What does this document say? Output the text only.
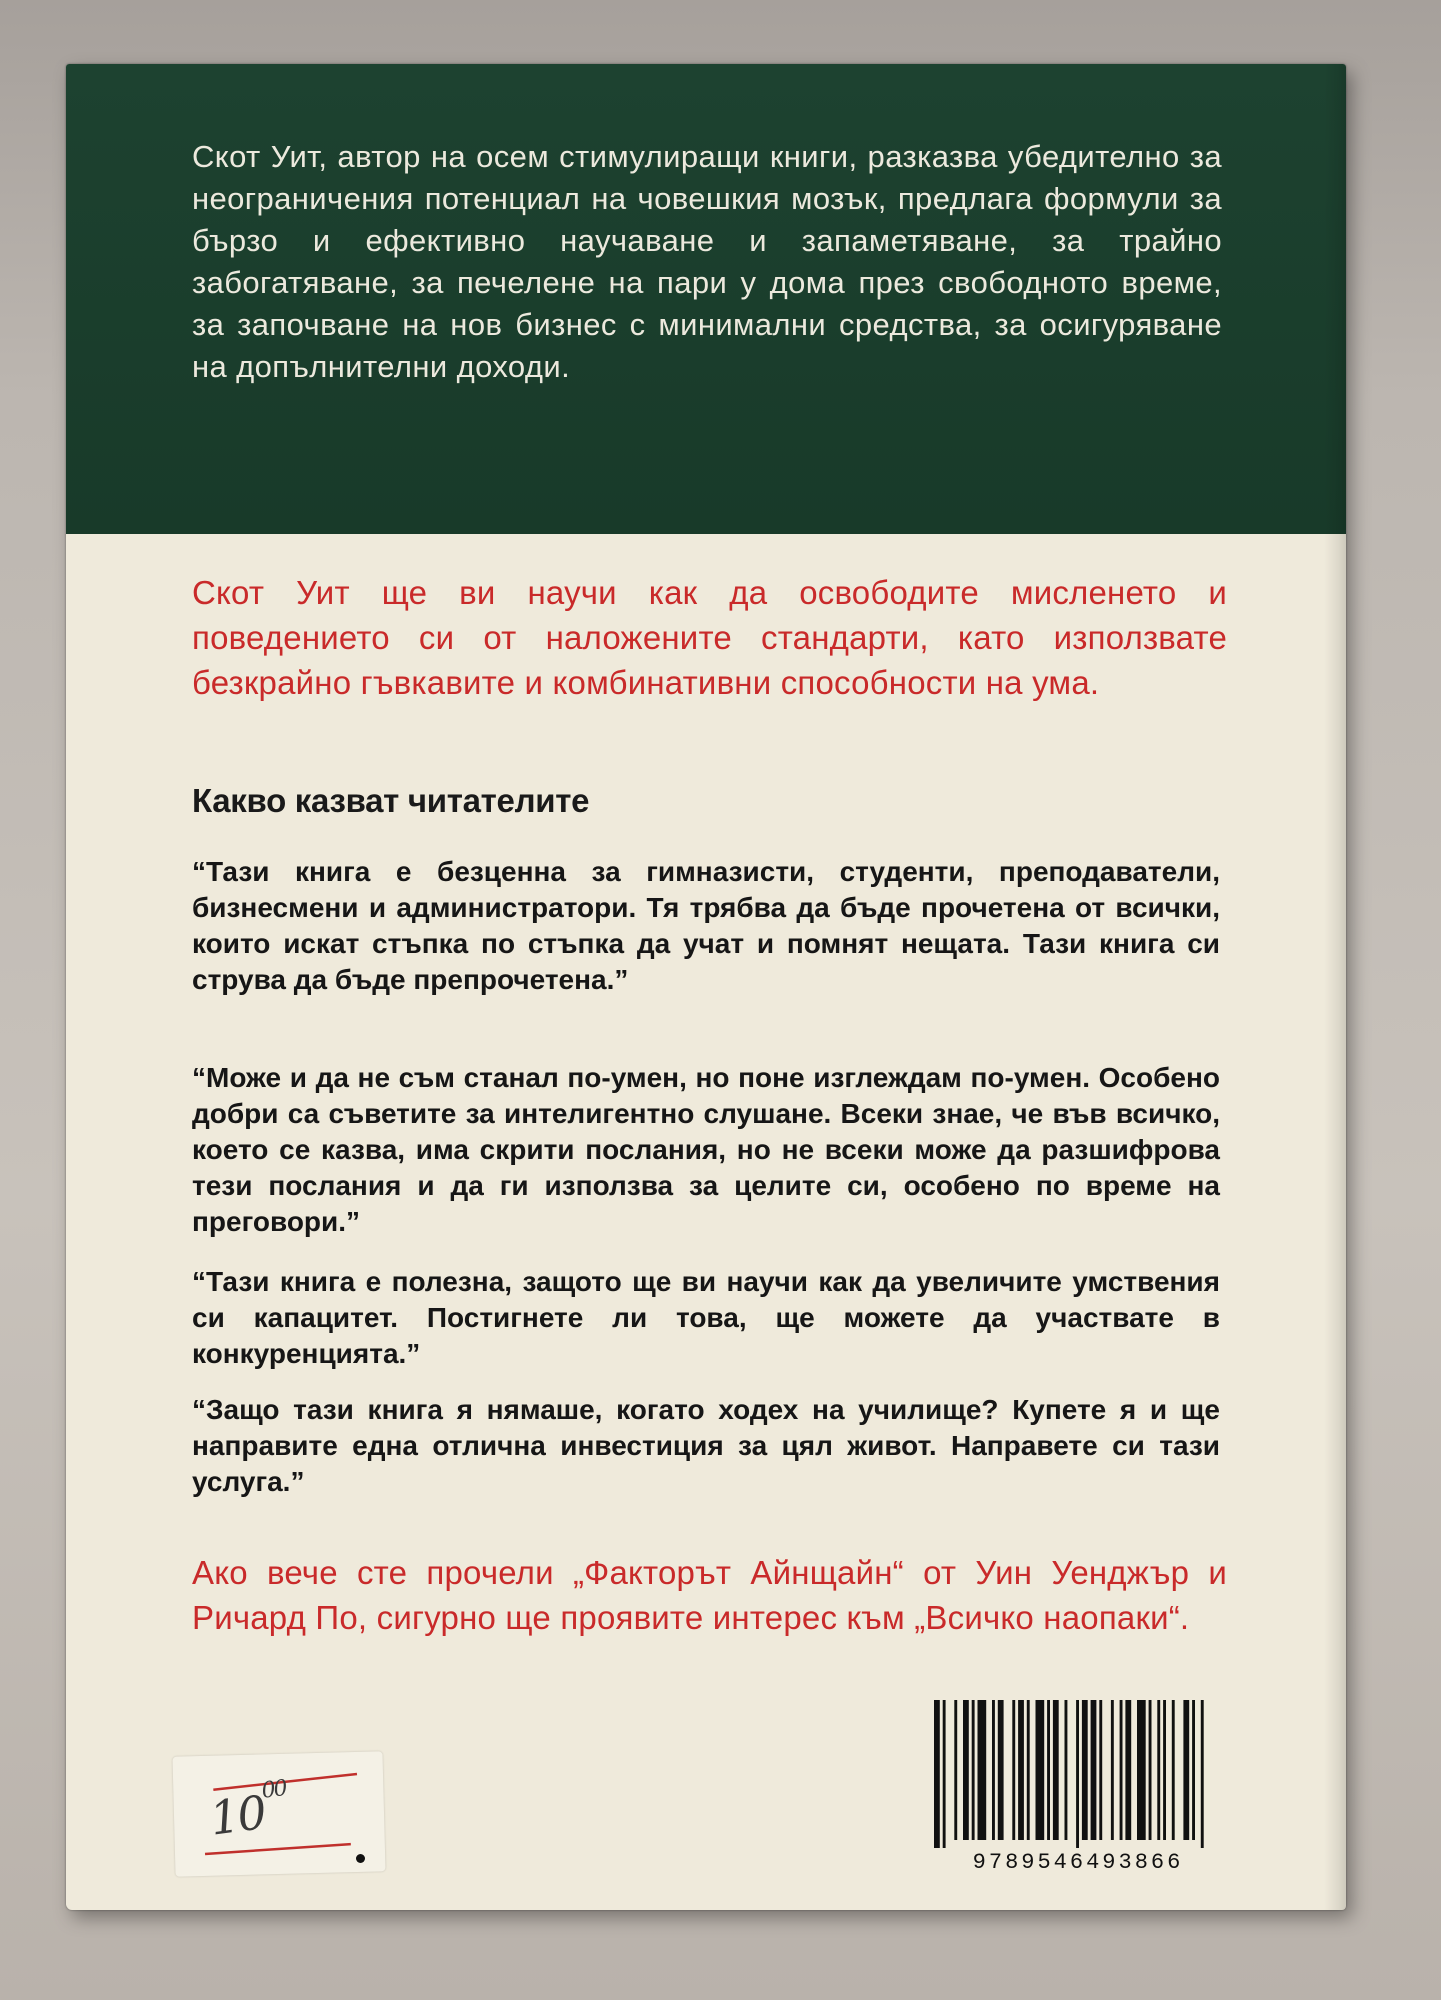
Скот Уит, автор на осем стимулиращи книги, разказва убедително за неограничения потенциал на човешкия мозък, предлага формули за бързо и ефективно научаване и запаметяване, за трайно забогатяване, за печелене на пари у дома през свободното време, за започване на нов бизнес с минимални средства, за осигуряване на допълнителни доходи.

Скот Уит ще ви научи как да освободите мисленето и поведението си от наложените стандарти, като използвате безкрайно гъвкавите и комбинативни способности на ума.

Какво казват читателите

“Тази книга е безценна за гимназисти, студенти, преподаватели, бизнесмени и администратори. Тя трябва да бъде прочетена от всички, които искат стъпка по стъпка да учат и помнят нещата. Тази книга си струва да бъде препрочетена.”

“Може и да не съм станал по-умен, но поне изглеждам по-умен. Особено добри са съветите за интелигентно слушане. Всеки знае, че във всичко, което се казва, има скрити послания, но не всеки може да разшифрова тези послания и да ги използва за целите си, особено по време на преговори.”

“Тази книга е полезна, защото ще ви научи как да увеличите умствения си капацитет. Постигнете ли това, ще можете да участвате в конкуренцията.”

“Защо тази книга я нямаше, когато ходех на училище? Купете я и ще направите една отлична инвестиция за цял живот. Направете си тази услуга.”

Ако вече сте прочели „Факторът Айнщайн“ от Уин Уенджър и Ричард По, сигурно ще проявите интерес към „Всичко наопаки“.

9789546493866
$10^{00}$
